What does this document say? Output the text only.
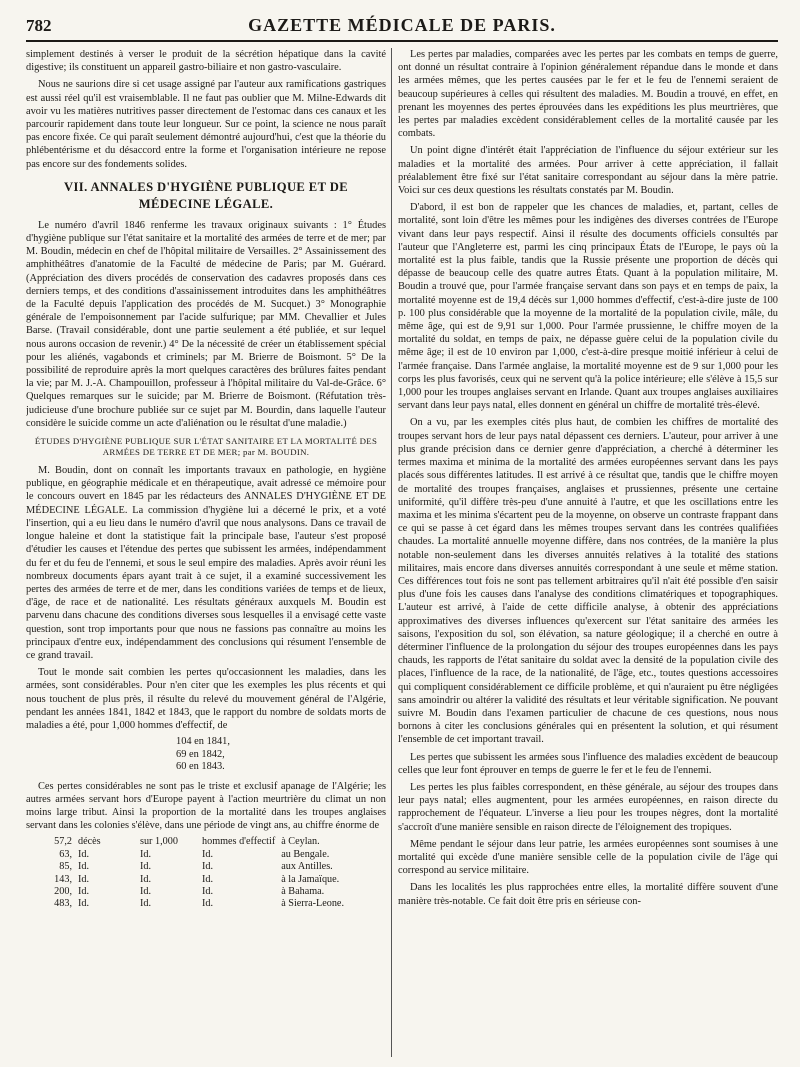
782	GAZETTE MÉDICALE DE PARIS.

simplement destinés à verser le produit de la sécrétion hépatique dans la cavité digestive; ils constituent un appareil gastro-biliaire et non gastro-vasculaire.

Nous ne saurions dire si cet usage assigné par l'auteur aux ramifications gastriques est aussi réel qu'il est vraisemblable. Il ne faut pas oublier que M. Milne-Edwards dit avoir vu les matières nutritives passer directement de l'estomac dans ces canaux et les parcourir rapidement dans toute leur longueur. Sur ce point, la science ne nous paraît pas encore fixée. Ce qui paraît seulement démontré aujourd'hui, c'est que la théorie du phlébentérisme et du désaccord entre la forme et l'organisation intérieure ne repose pas encore sur des fondements solides.

VII. ANNALES D'HYGIÈNE PUBLIQUE ET DE MÉDECINE LÉGALE.

Le numéro d'avril 1846 renferme les travaux originaux suivants : 1° Études d'hygiène publique sur l'état sanitaire et la mortalité des armées de terre et de mer; par M. Boudin, médecin en chef de l'hôpital militaire de Versailles. 2° Assainissement des amphithéâtres d'anatomie de la Faculté de médecine de Paris; par M. Guérard. (Appréciation des divers procédés de conservation des cadavres proposés dans ces derniers temps, et des conditions d'assainissement introduites dans les amphithéâtres de la Faculté depuis l'application des procédés de M. Sucquet.) 3° Monographie générale de l'empoisonnement par l'acide sulfurique; par MM. Chevallier et Jules Barse. (Travail considérable, dont une partie seulement a été publiée, et sur lequel nous aurons occasion de revenir.) 4° De la nécessité de créer un établissement spécial pour les aliénés, vagabonds et criminels; par M. Brierre de Boismont. 5° De la possibilité de reproduire après la mort quelques caractères des brûlures faites pendant la vie; par M. J.-A. Champouillon, professeur à l'hôpital militaire du Val-de-Grâce. 6° Quelques remarques sur le suicide; par M. Brierre de Boismont. (Réfutation très-judicieuse d'une brochure publiée sur ce sujet par M. Bourdin, dans laquelle l'auteur considère le suicide comme un acte d'aliénation ou le résultat d'une maladie.)

ÉTUDES D'HYGIÈNE PUBLIQUE SUR L'ÉTAT SANITAIRE ET LA MORTALITÉ DES ARMÉES DE TERRE ET DE MER; par M. BOUDIN.

M. Boudin, dont on connaît les importants travaux en pathologie, en hygiène publique, en géographie médicale et en thérapeutique, avait adressé ce mémoire pour le concours ouvert en 1845 par les rédacteurs des ANNALES D'HYGIÈNE ET DE MÉDECINE LÉGALE. La commission d'hygiène lui a décerné le prix, et a voté l'insertion, qui a eu lieu dans le numéro d'avril que nous analysons. Dans ce travail de longue haleine et dont la statistique fait la principale base, l'auteur s'est proposé d'étudier les causes et l'étendue des pertes que subissent les armées, indépendamment du fer et du feu de l'ennemi, et sous le seul empire des maladies. Après avoir réuni les nombreux documents épars ayant trait à ce sujet, il a examiné successivement les pertes des armées de terre et de mer, dans les conditions variées de temps et de lieux, d'âge, de race et de nationalité. Les résultats généraux auxquels M. Boudin est parvenu dans chacune des conditions diverses sous lesquelles il a envisagé cette vaste question, sont trop importants pour que nous ne fassions pas connaître au moins les principaux d'entre eux, indépendamment des conclusions qui résument l'ensemble de ce grand travail.

Tout le monde sait combien les pertes qu'occasionnent les maladies, dans les armées, sont considérables. Pour n'en citer que les exemples les plus récents et qui nous touchent de plus près, il résulte du relevé du mouvement général de l'Algérie, pendant les années 1841, 1842 et 1843, que le rapport du nombre de soldats morts de maladies a été, pour 1,000 hommes d'effectif, de

104 en 1841,
69 en 1842,
60 en 1843.

Ces pertes considérables ne sont pas le triste et exclusif apanage de l'Algérie; les autres armées servant hors d'Europe payent à l'action meurtrière du climat un non moins large tribut. Ainsi la proportion de la mortalité dans les troupes anglaises servant dans les colonies s'élève, dans une période de vingt ans, au chiffre énorme de

57,2	décès	sur 1,000	hommes d'effectif	à Ceylan.
63,	Id.	Id.	Id.	au Bengale.
85,	Id.	Id.	Id.	aux Antilles.
143,	Id.	Id.	Id.	à la Jamaïque.
200,	Id.	Id.	Id.	à Bahama.
483,	Id.	Id.	Id.	à Sierra-Leone.

Les pertes par maladies, comparées avec les pertes par les combats en temps de guerre, ont donné un résultat contraire à l'opinion généralement répandue dans le monde et dans les armées mêmes, que les pertes causées par le fer et le feu de l'ennemi seraient de beaucoup supérieures à celles qui résultent des maladies. M. Boudin a trouvé, en effet, en prenant les moyennes des pertes éprouvées dans les expéditions les plus meurtrières, que les pertes par maladies excèdent considérablement celles de la mortalité causée par les combats.

Un point digne d'intérêt était l'appréciation de l'influence du séjour extérieur sur les maladies et la mortalité des armées. Pour arriver à cette appréciation, il fallait préalablement être fixé sur l'état sanitaire correspondant au séjour dans la mère patrie. Voici sur ces deux questions les résultats constatés par M. Boudin.

D'abord, il est bon de rappeler que les chances de maladies, et, partant, celles de mortalité, sont loin d'être les mêmes pour les indigènes des diverses contrées de l'Europe vivant dans leur pays respectif. Ainsi il résulte des documents officiels consultés par l'auteur que l'Angleterre est, parmi les cinq principaux États de l'Europe, le pays où la mortalité est la plus faible, tandis que la Russie présente une proportion de décès qui dépasse de beaucoup celle des quatre autres États. Quant à la population militaire, M. Boudin a trouvé que, pour l'armée française servant dans son pays et en temps de paix, la mortalité moyenne est de 19,4 décès sur 1,000 hommes d'effectif, c'est-à-dire juste de 100 p. 100 plus considérable que la moyenne de la mortalité de la population civile, mâle, du même âge, qui est de 9,91 sur 1,000. Pour l'armée prussienne, le chiffre moyen de la mortalité du soldat, en temps de paix, ne dépasse guère celui de la population civile du même âge; il est de 10 environ par 1,000, c'est-à-dire presque moitié inférieur à celui de l'armée française. Dans l'armée anglaise, la mortalité moyenne est de 9 sur 1,000 pour les corps les plus favorisés, ceux qui ne servent qu'à la police intérieure; elle s'élève à 15,5 sur 1,000 pour les troupes anglaises servant en Irlande. Quant aux troupes anglaises auxiliaires servant dans leur pays natal, elles donnent en général un chiffre de mortalité très-élevé.

On a vu, par les exemples cités plus haut, de combien les chiffres de mortalité des troupes servant hors de leur pays natal dépassent ces derniers. L'auteur, pour arriver à une plus grande précision dans ce dernier genre d'appréciation, a cherché à déterminer les termes maxima et minima de la mortalité des armées européennes servant dans les pays placés sous différentes latitudes. Il est arrivé à ce résultat que, tandis que le chiffre moyen de mortalité des troupes françaises, anglaises et prussiennes, présente une certaine uniformité, qu'il diffère très-peu d'une annuité à l'autre, et que les oscillations entre les maxima et les minima s'écartent peu de la moyenne, on observe un contraste frappant dans ce qui se passe à cet égard dans les mêmes troupes servant dans les contrées qualifiées chaudes. La mortalité annuelle moyenne diffère, dans nos contrées, de la manière la plus notable non-seulement dans les diverses annuités relatives à la totalité des stations militaires, mais encore dans diverses annuités correspondant à une seule et même station. Ces différences tout fois ne sont pas tellement arbitraires qu'il n'ait été possible d'en saisir plus d'une fois les causes dans l'analyse des conditions climatériques et topographiques. L'auteur est arrivé, à l'aide de cette difficile analyse, à obtenir des appréciations approximatives des diverses influences qu'exercent sur l'état sanitaire des armées les saisons, l'exposition du sol, son élévation, sa nature géologique; il a cherché en outre à déterminer l'influence de la prolongation du séjour des troupes européennes dans les pays chauds, les rapports de l'état sanitaire du soldat avec la densité de la population civile des places, l'influence de la race, de la nationalité, de l'âge, etc., toutes questions accessoires qui compliquent considérablement ce difficile problème, et qui n'auraient pu être négligées sans amoindrir ou altérer la validité des résultats et leur véritable signification. Ne pouvant suivre M. Boudin dans l'examen particulier de chacune de ces questions, nous nous bornons à citer les conclusions générales qui en présentent la solution, et qui résument l'ensemble de cet important travail.

Les pertes que subissent les armées sous l'influence des maladies excèdent de beaucoup celles que leur font éprouver en temps de guerre le fer et le feu de l'ennemi.

Les pertes les plus faibles correspondent, en thèse générale, au séjour des troupes dans leur pays natal; elles augmentent, pour les armées européennes, en raison directe du rapprochement de l'équateur. L'inverse a lieu pour les troupes nègres, dont la mortalité s'accroît d'une manière sensible en raison directe de l'éloignement des tropiques.

Même pendant le séjour dans leur patrie, les armées européennes sont soumises à une mortalité qui excède d'une manière sensible celle de la population civile de l'âge qui correspond au service militaire.

Dans les localités les plus rapprochées entre elles, la mortalité diffère souvent d'une manière très-notable. Ce fait doit être pris en sérieuse con-
